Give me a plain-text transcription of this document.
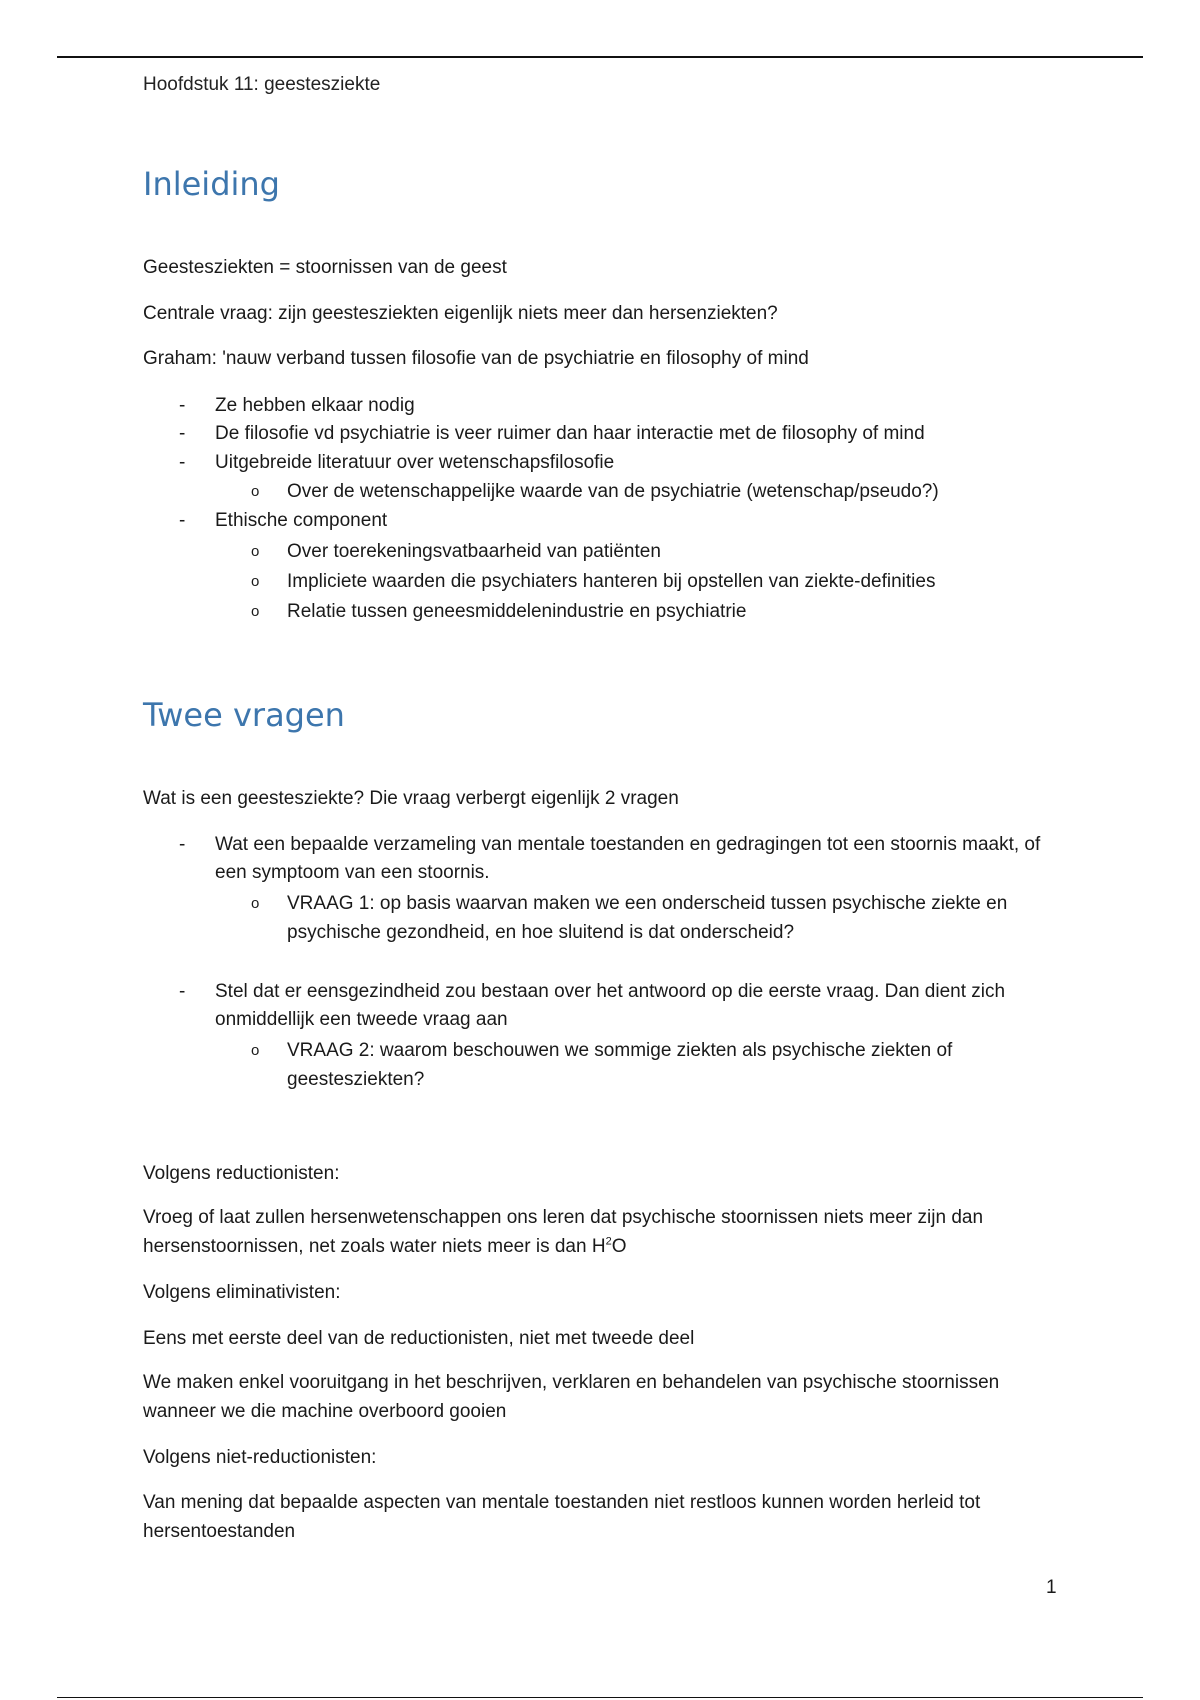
Hoofdstuk 11: geestesziekte
Inleiding
Geestesziekten = stoornissen van de geest
Centrale vraag: zijn geestesziekten eigenlijk niets meer dan hersenziekten?
Graham: 'nauw verband tussen filosofie van de psychiatrie en filosophy of mind
- Ze hebben elkaar nodig
- De filosofie vd psychiatrie is veer ruimer dan haar interactie met de filosophy of mind
- Uitgebreide literatuur over wetenschapsfilosofie
o Over de wetenschappelijke waarde van de psychiatrie (wetenschap/pseudo?)
- Ethische component
o Over toerekeningsvatbaarheid van patiënten
o Impliciete waarden die psychiaters hanteren bij opstellen van ziekte-definities
o Relatie tussen geneesmiddelenindustrie en psychiatrie
Twee vragen
Wat is een geestesziekte? Die vraag verbergt eigenlijk 2 vragen
- Wat een bepaalde verzameling van mentale toestanden en gedragingen tot een stoornis maakt, of een symptoom van een stoornis.
o VRAAG 1: op basis waarvan maken we een onderscheid tussen psychische ziekte en psychische gezondheid, en hoe sluitend is dat onderscheid?
- Stel dat er eensgezindheid zou bestaan over het antwoord op die eerste vraag. Dan dient zich onmiddellijk een tweede vraag aan
o VRAAG 2: waarom beschouwen we sommige ziekten als psychische ziekten of geestesziekten?
Volgens reductionisten:
Vroeg of laat zullen hersenwetenschappen ons leren dat psychische stoornissen niets meer zijn dan hersenstoornissen, net zoals water niets meer is dan $H^2O$
Volgens eliminativisten:
Eens met eerste deel van de reductionisten, niet met tweede deel
We maken enkel vooruitgang in het beschrijven, verklaren en behandelen van psychische stoornissen wanneer we die machine overboord gooien
Volgens niet-reductionisten:
Van mening dat bepaalde aspecten van mentale toestanden niet restloos kunnen worden herleid tot hersentoestanden
1
